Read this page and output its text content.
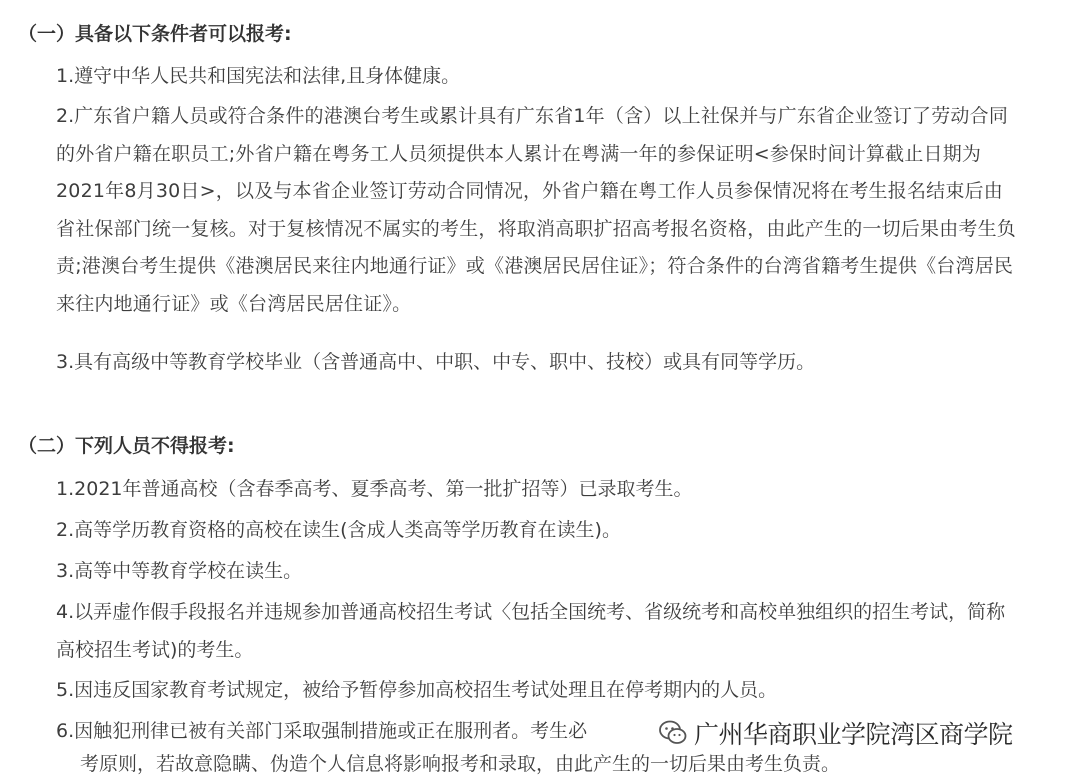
（一）具备以下条件者可以报考:
1.遵守中华人民共和国宪法和法律,且身体健康。
2.广东省户籍人员或符合条件的港澳台考生或累计具有广东省1年（含）以上社保并与广东省企业签订了劳动合同的外省户籍在职员工;外省户籍在粤务工人员须提供本人累计在粤满一年的参保证明<参保时间计算截止日期为2021年8月30日>，以及与本省企业签订劳动合同情况，外省户籍在粤工作人员参保情况将在考生报名结束后由省社保部门统一复核。对于复核情况不属实的考生，将取消高职扩招高考报名资格，由此产生的一切后果由考生负责;港澳台考生提供《港澳居民来往内地通行证》或《港澳居民居住证》；符合条件的台湾省籍考生提供《台湾居民来往内地通行证》或《台湾居民居住证》。
3.具有高级中等教育学校毕业（含普通高中、中职、中专、职中、技校）或具有同等学历。
（二）下列人员不得报考:
1.2021年普通高校（含春季高考、夏季高考、第一批扩招等）已录取考生。
2.高等学历教育资格的高校在读生(含成人类高等学历教育在读生)。
3.高等中等教育学校在读生。
4.以弄虚作假手段报名并违规参加普通高校招生考试〈包括全国统考、省级统考和高校单独组织的招生考试，简称高校招生考试)的考生。
5.因违反国家教育考试规定，被给予暂停参加高校招生考试处理且在停考期内的人员。
6.因触犯刑律已被有关部门采取强制措施或正在服刑者。考生必
考原则，若故意隐瞒、伪造个人信息将影响报考和录取，由此产生的一切后果由考生负责。
广州华商职业学院湾区商学院
